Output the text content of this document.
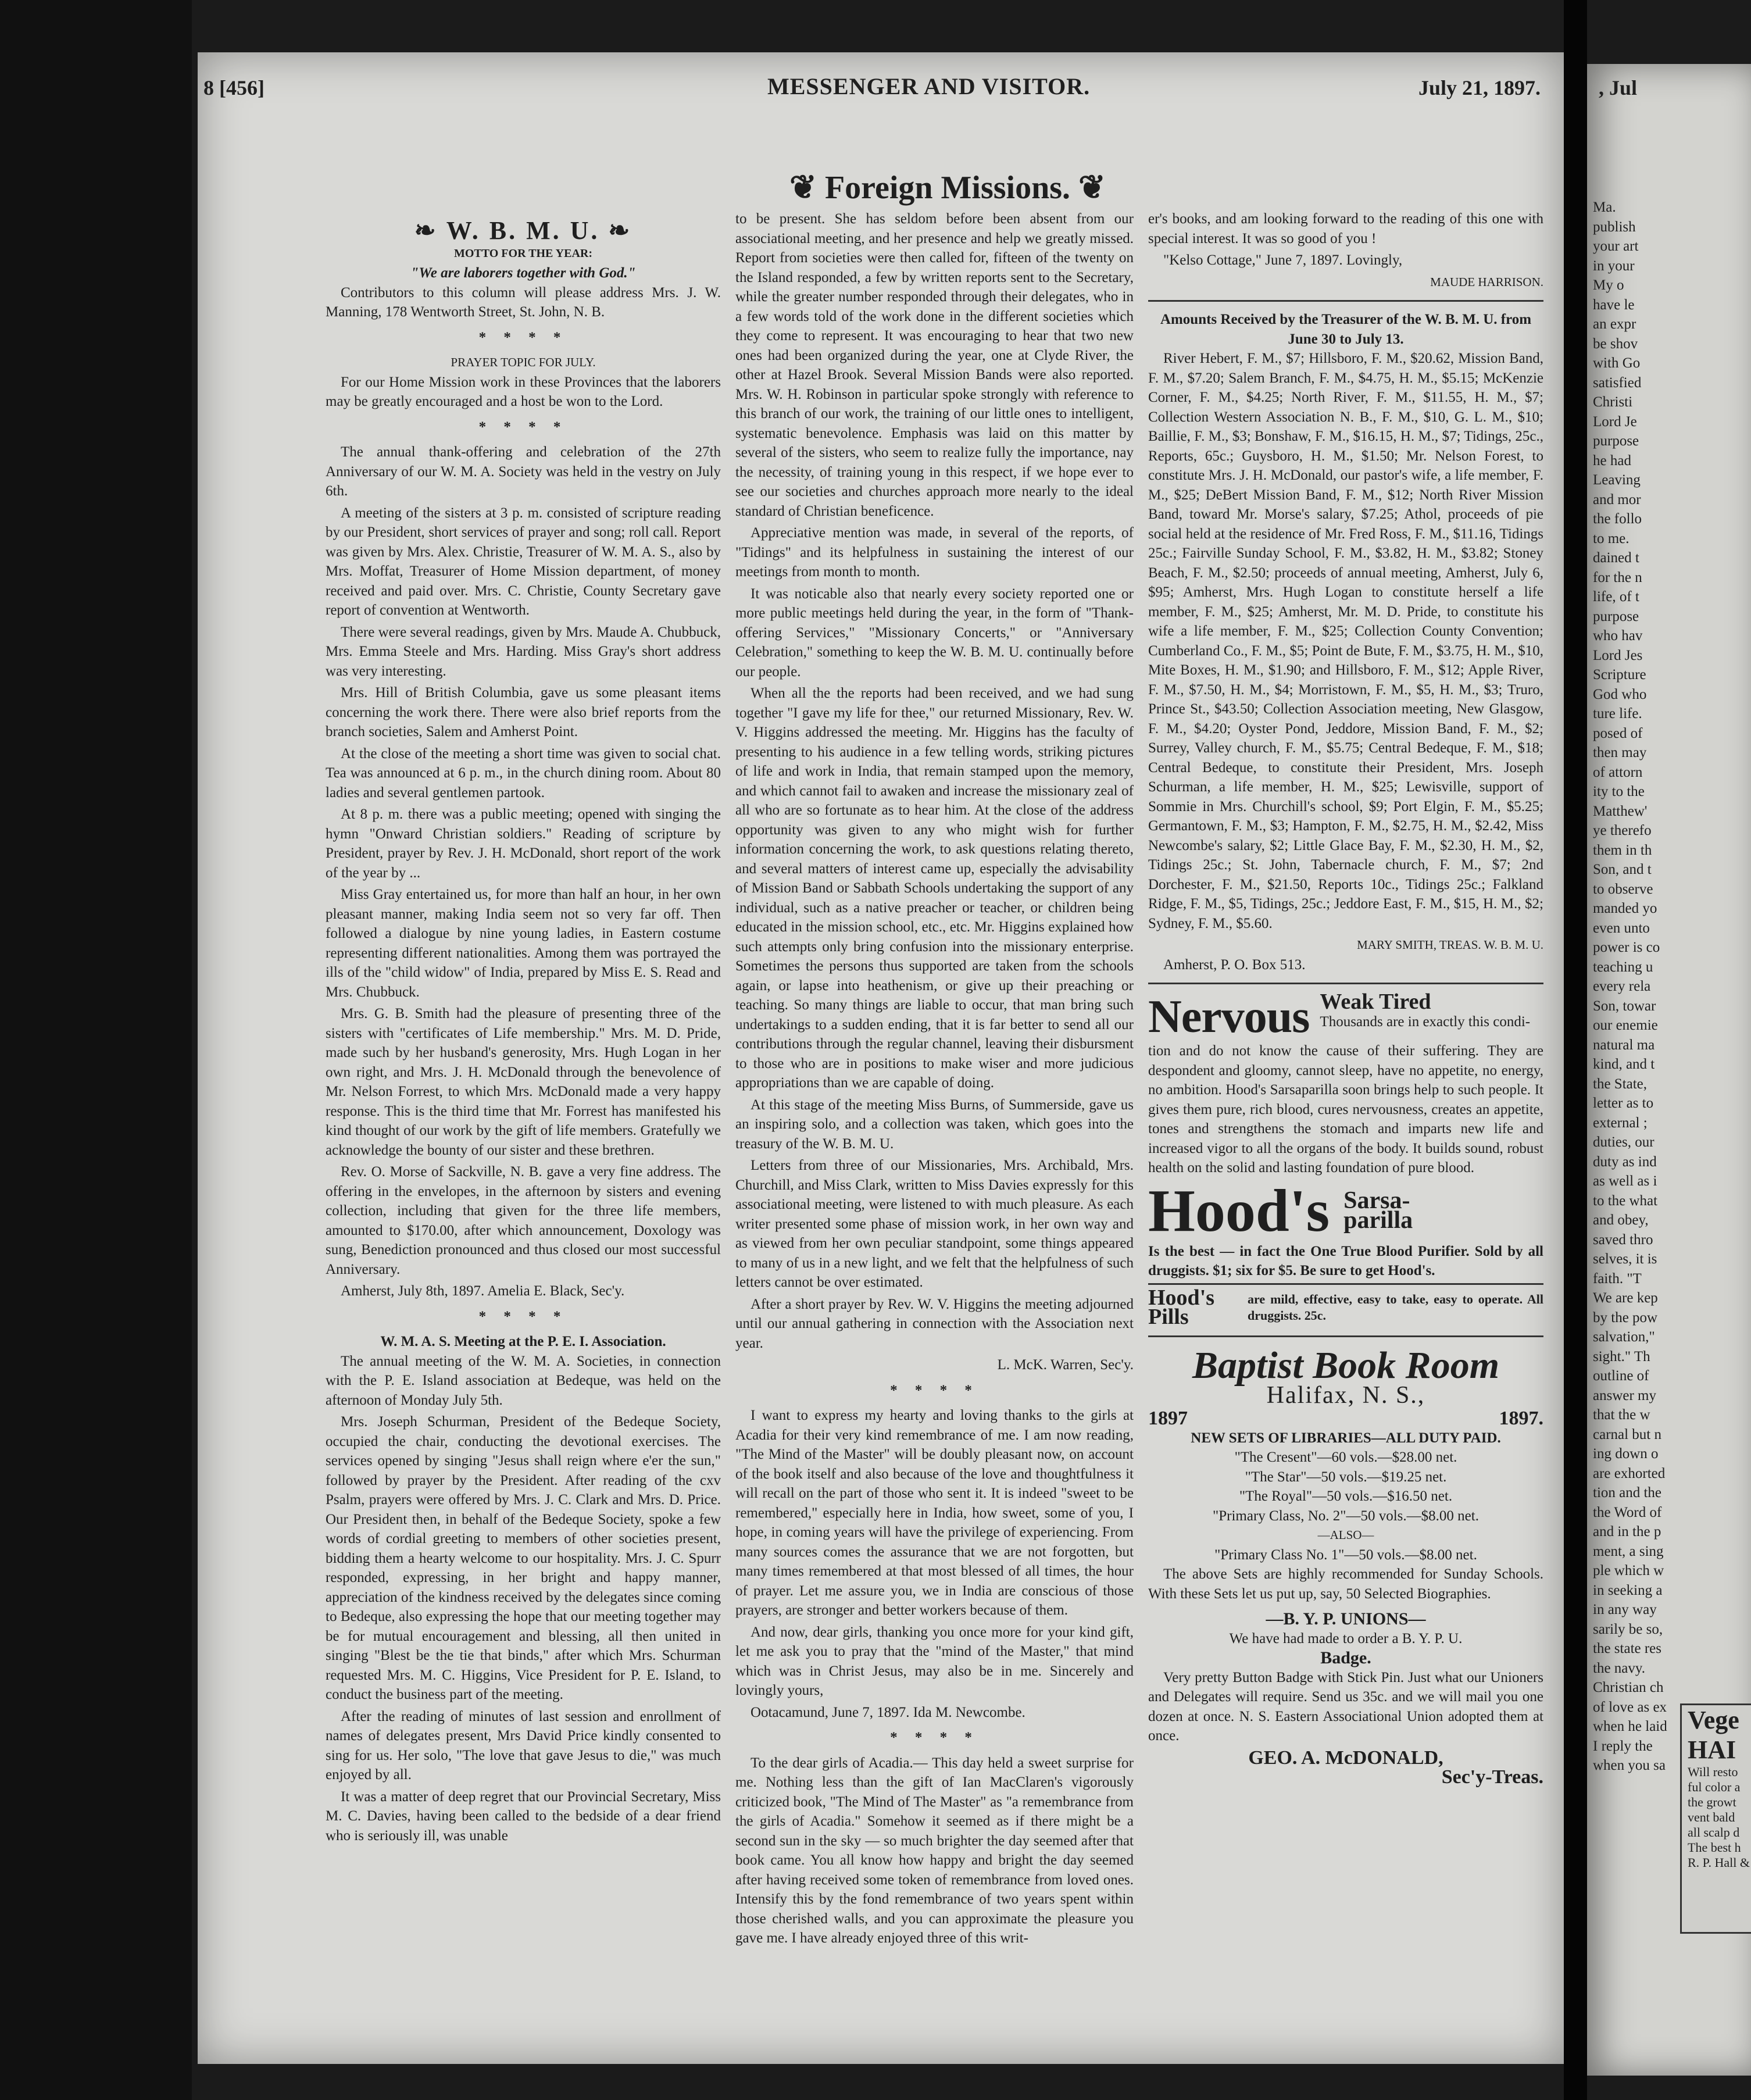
8 [456]	MESSENGER AND VISITOR.	July 21, 1897.
❦ Foreign Missions. ❦
❧ W. B. M. U. ❧
MOTTO FOR THE YEAR:
"We are laborers together with God."

Contributors to this column will please address Mrs. J. W. Manning, 178 Wentworth Street, St. John, N. B.

* * * *
PRAYER TOPIC FOR JULY.

For our Home Mission work in these Provinces that the laborers may be greatly encouraged and a host be won to the Lord.

* * * *

The annual thank-offering and celebration of the 27th Anniversary of our W. M. A. Society was held in the vestry on July 6th.

A meeting of the sisters at 3 p. m. consisted of scripture reading by our President, short services of prayer and song; roll call. Report was given by Mrs. Alex. Christie, Treasurer of W. M. A. S., also by Mrs. Moffat, Treasurer of Home Mission department, of money received and paid over. Mrs. C. Christie, County Secretary gave report of convention at Wentworth.

There were several readings, given by Mrs. Maude A. Chubbuck, Mrs. Emma Steele and Mrs. Harding. Miss Gray's short address was very interesting.

Mrs. Hill of British Columbia, gave us some pleasant items concerning the work there. There were also brief reports from the branch societies, Salem and Amherst Point.

At the close of the meeting a short time was given to social chat. Tea was announced at 6 p. m., in the church dining room. About 80 ladies and several gentlemen partook.

At 8 p. m. there was a public meeting; opened with singing the hymn "Onward Christian soldiers." Reading of scripture by President, prayer by Rev. J. H. McDonald, short report of the work of the year by ...

Miss Gray entertained us, for more than half an hour, in her own pleasant manner, making India seem not so very far off. Then followed a dialogue by nine young ladies, in Eastern costume representing different nationalities. Among them was portrayed the ills of the "child widow" of India, prepared by Miss E. S. Read and Mrs. Chubbuck.

Mrs. G. B. Smith had the pleasure of presenting three of the sisters with "certificates of Life membership." Mrs. M. D. Pride, made such by her husband's generosity, Mrs. Hugh Logan in her own right, and Mrs. J. H. McDonald through the benevolence of Mr. Nelson Forrest, to which Mrs. McDonald made a very happy response. This is the third time that Mr. Forrest has manifested his kind thought of our work by the gift of life members. Gratefully we acknowledge the bounty of our sister and these brethren.

Rev. O. Morse of Sackville, N. B. gave a very fine address. The offering in the envelopes, in the afternoon by sisters and evening collection, including that given for the three life members, amounted to $170.00, after which announcement, Doxology was sung, Benediction pronounced and thus closed our most successful Anniversary.

Amherst, July 8th, 1897. Amelia E. Black, Sec'y.

* * * *
W. M. A. S. Meeting at the P. E. I. Association.

The annual meeting of the W. M. A. Societies, in connection with the P. E. Island association at Bedeque, was held on the afternoon of Monday July 5th.

Mrs. Joseph Schurman, President of the Bedeque Society, occupied the chair, conducting the devotional exercises. The services opened by singing "Jesus shall reign where e'er the sun," followed by prayer by the President. After reading of the cxv Psalm, prayers were offered by Mrs. J. C. Clark and Mrs. D. Price. Our President then, in behalf of the Bedeque Society, spoke a few words of cordial greeting to members of other societies present, bidding them a hearty welcome to our hospitality. Mrs. J. C. Spurr responded, expressing, in her bright and happy manner, appreciation of the kindness received by the delegates since coming to Bedeque, also expressing the hope that our meeting together may be for mutual encouragement and blessing, all then united in singing "Blest be the tie that binds," after which Mrs. Schurman requested Mrs. M. C. Higgins, Vice President for P. E. Island, to conduct the business part of the meeting.

After the reading of minutes of last session and enrollment of names of delegates present, Mrs David Price kindly consented to sing for us. Her solo, "The love that gave Jesus to die," was much enjoyed by all.

It was a matter of deep regret that our Provincial Secretary, Miss M. C. Davies, having been called to the bedside of a dear friend who is seriously ill, was unable

to be present. She has seldom before been absent from our associational meeting, and her presence and help we greatly missed. Report from societies were then called for, fifteen of the twenty on the Island responded, a few by written reports sent to the Secretary, while the greater number responded through their delegates, who in a few words told of the work done in the different societies which they come to represent. It was encouraging to hear that two new ones had been organized during the year, one at Clyde River, the other at Hazel Brook. Several Mission Bands were also reported. Mrs. W. H. Robinson in particular spoke strongly with reference to this branch of our work, the training of our little ones to intelligent, systematic benevolence. Emphasis was laid on this matter by several of the sisters, who seem to realize fully the importance, nay the necessity, of training young in this respect, if we hope ever to see our societies and churches approach more nearly to the ideal standard of Christian beneficence.

Appreciative mention was made, in several of the reports, of "Tidings" and its helpfulness in sustaining the interest of our meetings from month to month.

It was noticable also that nearly every society reported one or more public meetings held during the year, in the form of "Thank-offering Services," "Missionary Concerts," or "Anniversary Celebration," something to keep the W. B. M. U. continually before our people.

When all the the reports had been received, and we had sung together "I gave my life for thee," our returned Missionary, Rev. W. V. Higgins addressed the meeting. Mr. Higgins has the faculty of presenting to his audience in a few telling words, striking pictures of life and work in India, that remain stamped upon the memory, and which cannot fail to awaken and increase the missionary zeal of all who are so fortunate as to hear him. At the close of the address opportunity was given to any who might wish for further information concerning the work, to ask questions relating thereto, and several matters of interest came up, especially the advisability of Mission Band or Sabbath Schools undertaking the support of any individual, such as a native preacher or teacher, or children being educated in the mission school, etc., etc. Mr. Higgins explained how such attempts only bring confusion into the missionary enterprise. Sometimes the persons thus supported are taken from the schools again, or lapse into heathenism, or give up their preaching or teaching. So many things are liable to occur, that man bring such undertakings to a sudden ending, that it is far better to send all our contributions through the regular channel, leaving their disbursment to those who are in positions to make wiser and more judicious appropriations than we are capable of doing.

At this stage of the meeting Miss Burns, of Summerside, gave us an inspiring solo, and a collection was taken, which goes into the treasury of the W. B. M. U.

Letters from three of our Missionaries, Mrs. Archibald, Mrs. Churchill, and Miss Clark, written to Miss Davies expressly for this associational meeting, were listened to with much pleasure. As each writer presented some phase of mission work, in her own way and as viewed from her own peculiar standpoint, some things appeared to many of us in a new light, and we felt that the helpfulness of such letters cannot be over estimated.

After a short prayer by Rev. W. V. Higgins the meeting adjourned until our annual gathering in connection with the Association next year.

L. McK. Warren, Sec'y.
* * * *

I want to express my hearty and loving thanks to the girls at Acadia for their very kind remembrance of me. I am now reading, "The Mind of the Master" will be doubly pleasant now, on account of the book itself and also because of the love and thoughtfulness it will recall on the part of those who sent it. It is indeed "sweet to be remembered," especially here in India, how sweet, some of you, I hope, in coming years will have the privilege of experiencing. From many sources comes the assurance that we are not forgotten, but many times remembered at that most blessed of all times, the hour of prayer. Let me assure you, we in India are conscious of those prayers, are stronger and better workers because of them.

And now, dear girls, thanking you once more for your kind gift, let me ask you to pray that the "mind of the Master," that mind which was in Christ Jesus, may also be in me. Sincerely and lovingly yours,

Ootacamund, June 7, 1897. Ida M. Newcombe.

* * * *

To the dear girls of Acadia.— This day held a sweet surprise for me. Nothing less than the gift of Ian MacClaren's vigorously criticized book, "The Mind of The Master" as "a remembrance from the girls of Acadia." Somehow it seemed as if there might be a second sun in the sky — so much brighter the day seemed after that book came. You all know how happy and bright the day seemed after having received some token of remembrance from loved ones. Intensify this by the fond remembrance of two years spent within those cherished walls, and you can approximate the pleasure you gave me. I have already enjoyed three of this writ-

er's books, and am looking forward to the reading of this one with special interest. It was so good of you !

"Kelso Cottage," June 7, 1897. Lovingly,

MAUDE HARRISON.
Amounts Received by the Treasurer of the W. B. M. U. from June 30 to July 13.

River Hebert, F. M., $7; Hillsboro, F. M., $20.62, Mission Band, F. M., $7.20; Salem Branch, F. M., $4.75, H. M., $5.15; McKenzie Corner, F. M., $4.25; North River, F. M., $11.55, H. M., $7; Collection Western Association N. B., F. M., $10, G. L. M., $10; Baillie, F. M., $3; Bonshaw, F. M., $16.15, H. M., $7; Tidings, 25c., Reports, 65c.; Guysboro, H. M., $1.50; Mr. Nelson Forest, to constitute Mrs. J. H. McDonald, our pastor's wife, a life member, F. M., $25; DeBert Mission Band, F. M., $12; North River Mission Band, toward Mr. Morse's salary, $7.25; Athol, proceeds of pie social held at the residence of Mr. Fred Ross, F. M., $11.16, Tidings 25c.; Fairville Sunday School, F. M., $3.82, H. M., $3.82; Stoney Beach, F. M., $2.50; proceeds of annual meeting, Amherst, July 6, $95; Amherst, Mrs. Hugh Logan to constitute herself a life member, F. M., $25; Amherst, Mr. M. D. Pride, to constitute his wife a life member, F. M., $25; Collection County Convention; Cumberland Co., F. M., $5; Point de Bute, F. M., $3.75, H. M., $10, Mite Boxes, H. M., $1.90; and Hillsboro, F. M., $12; Apple River, F. M., $7.50, H. M., $4; Morristown, F. M., $5, H. M., $3; Truro, Prince St., $43.50; Collection Association meeting, New Glasgow, F. M., $4.20; Oyster Pond, Jeddore, Mission Band, F. M., $2; Surrey, Valley church, F. M., $5.75; Central Bedeque, F. M., $18; Central Bedeque, to constitute their President, Mrs. Joseph Schurman, a life member, H. M., $25; Lewisville, support of Sommie in Mrs. Churchill's school, $9; Port Elgin, F. M., $5.25; Germantown, F. M., $3; Hampton, F. M., $2.75, H. M., $2.42, Miss Newcombe's salary, $2; Little Glace Bay, F. M., $2.30, H. M., $2, Tidings 25c.; St. John, Tabernacle church, F. M., $7; 2nd Dorchester, F. M., $21.50, Reports 10c., Tidings 25c.; Falkland Ridge, F. M., $5, Tidings, 25c.; Jeddore East, F. M., $15, H. M., $2; Sydney, F. M., $5.60.

MARY SMITH, TREAS. W. B. M. U.

Amherst, P. O. Box 513.

Nervous Weak Tired
Thousands are in exactly this condi-

tion and do not know the cause of their suffering. They are despondent and gloomy, cannot sleep, have no appetite, no energy, no ambition. Hood's Sarsaparilla soon brings help to such people. It gives them pure, rich blood, cures nervousness, creates an appetite, tones and strengthens the stomach and imparts new life and increased vigor to all the organs of the body. It builds sound, robust health on the solid and lasting foundation of pure blood.

Hood's Sarsa-
parilla

Is the best — in fact the One True Blood Purifier. Sold by all druggists. $1; six for $5. Be sure to get Hood's.

Hood's Pills
are mild, effective, easy to take, easy to operate. All druggists. 25c.
Baptist Book Room
Halifax, N. S.,
1897	1897.
NEW SETS OF LIBRARIES—ALL DUTY PAID.
"The Cresent"—60 vols.—$28.00 net.
"The Star"—50 vols.—$19.25 net.
"The Royal"—50 vols.—$16.50 net.
"Primary Class, No. 2"—50 vols.—$8.00 net.
—ALSO—
"Primary Class No. 1"—50 vols.—$8.00 net.

The above Sets are highly recommended for Sunday Schools. With these Sets let us put up, say, 50 Selected Biographies.

—B. Y. P. UNIONS—
We have had made to order a B. Y. P. U.
Badge.

Very pretty Button Badge with Stick Pin. Just what our Unioners and Delegates will require. Send us 35c. and we will mail you one dozen at once. N. S. Eastern Associational Union adopted them at once.

GEO. A. McDONALD,
Sec'y-Treas.
, Jul
Ma.
publish
your art
in your
My o
have le
an expr
be shov
with Go
satisfied
Christi
Lord Je
purpose
he had
Leaving
and mor
the follo
to me.
dained t
for the n
life, of t
purpose
who hav
Lord Jes
Scripture
God who
ture life.
posed of
then may
of attorn
ity to the
Matthew'
ye therefo
them in th
Son, and t
to observe
manded yo
even unto
power is co
teaching u
every rela
Son, towar
our enemie
natural ma
kind, and t
the State,
letter as to
external ;
duties, our
duty as ind
as well as i
to the what
and obey,
saved thro
selves, it is
faith. "T
We are kep
by the pow
salvation,"
sight." Th
outline of
answer my
that the w
carnal but n
ing down o
are exhorted
tion and the
the Word of
and in the p
ment, a sing
ple which w
in seeking a
in any way
sarily be so,
the state res
the navy.
Christian ch
of love as ex
when he laid
I reply the
when you sa
Vege
HAI
Will resto
ful color a
the growt
vent bald
all scalp d
The best h
R. P. Hall &
